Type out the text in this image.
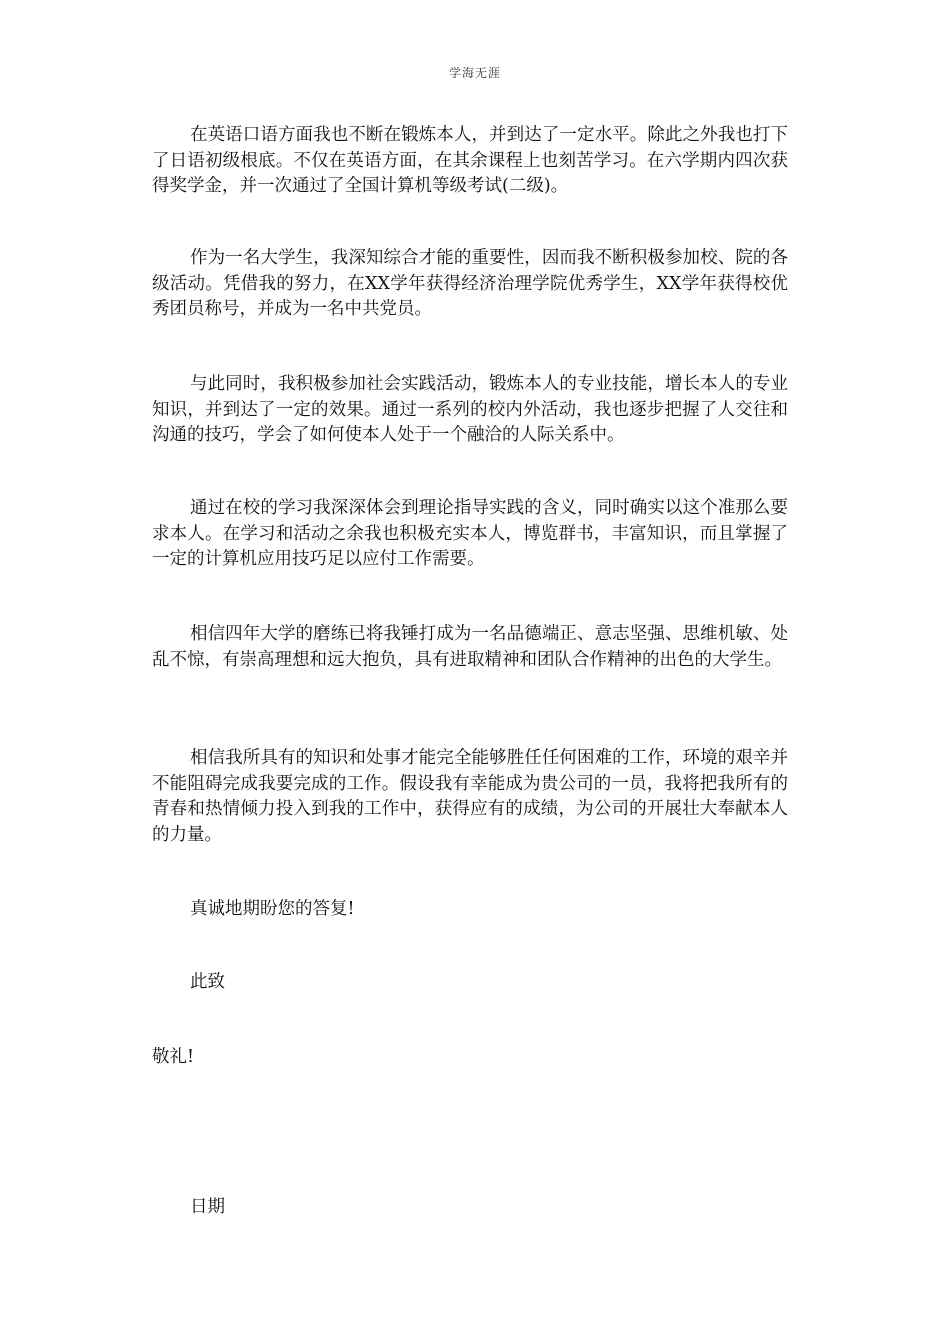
学海无涯

在英语口语方面我也不断在锻炼本人，并到达了一定水平。除此之外我也打下了日语初级根底。不仅在英语方面，在其余课程上也刻苦学习。在六学期内四次获得奖学金，并一次通过了全国计算机等级考试(二级)。

作为一名大学生，我深知综合才能的重要性，因而我不断积极参加校、院的各级活动。凭借我的努力，在XX学年获得经济治理学院优秀学生，XX学年获得校优秀团员称号，并成为一名中共党员。

与此同时，我积极参加社会实践活动，锻炼本人的专业技能，增长本人的专业知识，并到达了一定的效果。通过一系列的校内外活动，我也逐步把握了人交往和沟通的技巧，学会了如何使本人处于一个融洽的人际关系中。

通过在校的学习我深深体会到理论指导实践的含义，同时确实以这个准那么要求本人。在学习和活动之余我也积极充实本人，博览群书，丰富知识，而且掌握了一定的计算机应用技巧足以应付工作需要。

相信四年大学的磨练已将我锤打成为一名品德端正、意志坚强、思维机敏、处乱不惊，有崇高理想和远大抱负，具有进取精神和团队合作精神的出色的大学生。

相信我所具有的知识和处事才能完全能够胜任任何困难的工作，环境的艰辛并不能阻碍完成我要完成的工作。假设我有幸能成为贵公司的一员，我将把我所有的青春和热情倾力投入到我的工作中，获得应有的成绩，为公司的开展壮大奉献本人的力量。

真诚地期盼您的答复!

此致

敬礼!

日期
